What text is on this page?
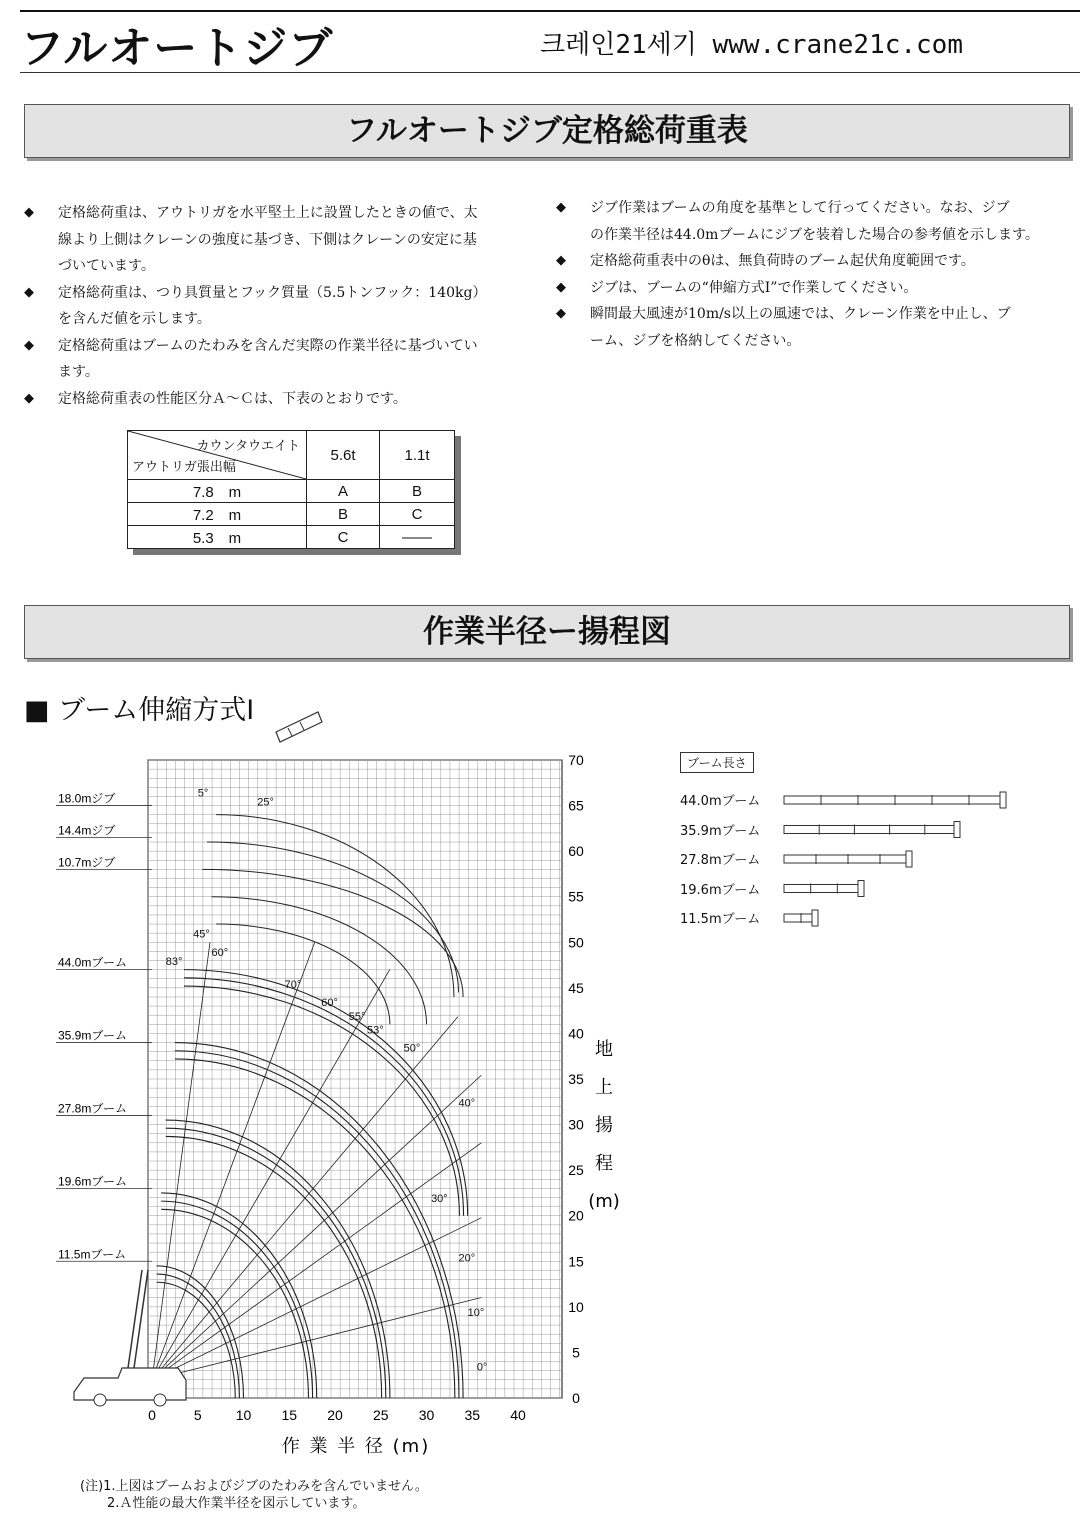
フルオートジブ	크레인21세기 www.crane21c.com
フルオートジブ定格総荷重表
◆ 定格総荷重は、アウトリガを水平堅土上に設置したときの値で、太
線より上側はクレーンの強度に基づき、下側はクレーンの安定に基
づいています。
◆ 定格総荷重は、つり具質量とフック質量（5.5トンフック：140kg）
を含んだ値を示します。
◆ 定格総荷重はブームのたわみを含んだ実際の作業半径に基づいてい
ます。
◆ 定格総荷重表の性能区分Ａ～Ｃは、下表のとおりです。
◆ ジブ作業はブームの角度を基準として行ってください。なお、ジブ
の作業半径は44.0mブームにジブを装着した場合の参考値を示します。
◆ 定格総荷重表中のθは、無負荷時のブーム起伏角度範囲です。
◆ ジブは、ブームの“伸縮方式Ⅰ”で作業してください。
◆ 瞬間最大風速が10m/s以上の風速では、クレーン作業を中止し、ブ
ーム、ジブを格納してください。
カウンタウエイト
アウトリガ張出幅	5.6t	1.1t
7.8　m	A	B
7.2　m	B	C
5.3　m	C	——
作業半径ー揚程図
■ ブーム伸縮方式Ⅰ
0	5 10 15 20 25 30 35 40
0
5
10
15
20
25
30
35
40
45
50
55
60
65
70
作 業 半 径 (m)
地上揚程(m)
18.0mジブ
14.4mジブ
10.7mジブ
44.0mブーム
35.9mブーム
27.8mブーム
19.6mブーム
11.5mブーム
83°
60°
70°
50°
40°
30°
20°
10°
0°
5°
25°
45°
60°
55°
53°
ブーム長さ
44.0mブーム
35.9mブーム
27.8mブーム
19.6mブーム
11.5mブーム
(注)1.上図はブームおよびジブのたわみを含んでいません。
2.Ａ性能の最大作業半径を図示しています。
